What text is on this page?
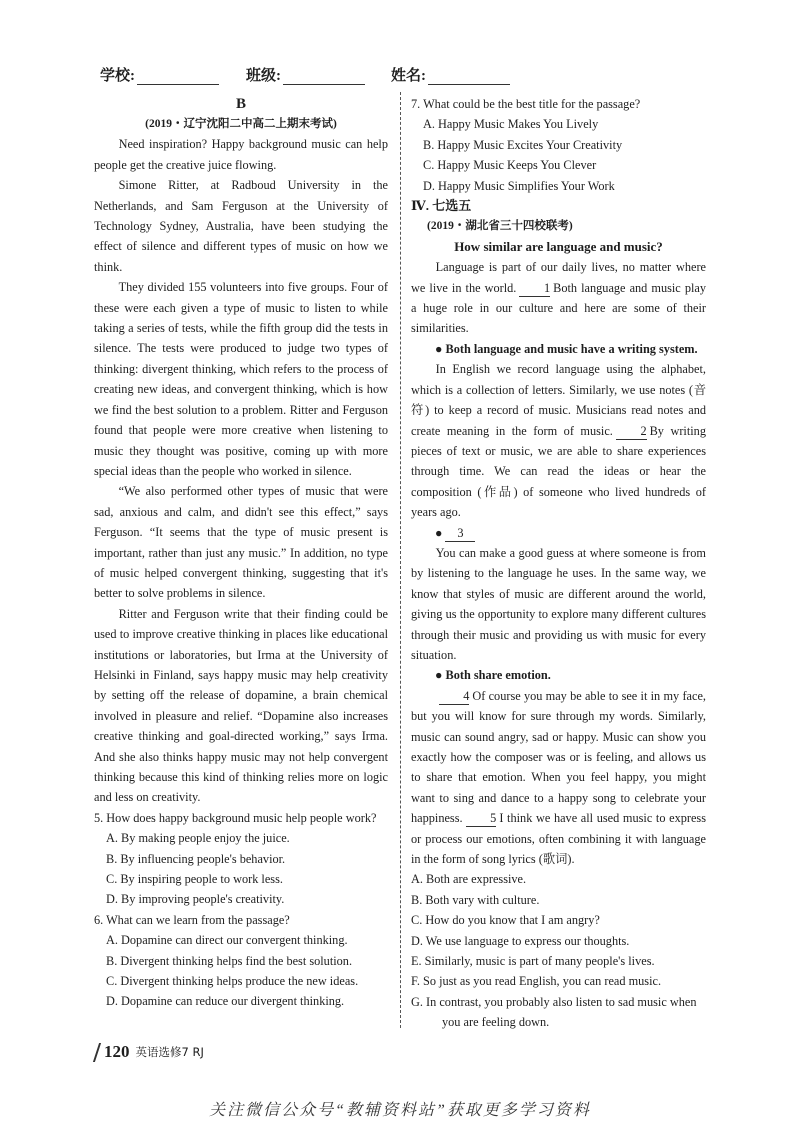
学校:	班级:	姓名:

B

(2019・辽宁沈阳二中高二上期末考试)

Need inspiration? Happy background music can help people get the creative juice flowing.

Simone Ritter, at Radboud University in the Netherlands, and Sam Ferguson at the University of Technology Sydney, Australia, have been studying the effect of silence and different types of music on how we think.

They divided 155 volunteers into five groups. Four of these were each given a type of music to listen to while taking a series of tests, while the fifth group did the tests in silence. The tests were produced to judge two types of thinking: divergent thinking, which refers to the process of creating new ideas, and convergent thinking, which is how we find the best solution to a problem. Ritter and Ferguson found that people were more creative when listening to music they thought was positive, coming up with more special ideas than the people who worked in silence.

“We also performed other types of music that were sad, anxious and calm, and didn't see this effect,” says Ferguson. “It seems that the type of music present is important, rather than just any music.” In addition, no type of music helped convergent thinking, suggesting that it's better to solve problems in silence.

Ritter and Ferguson write that their finding could be used to improve creative thinking in places like educational institutions or laboratories, but Irma at the University of Helsinki in Finland, says happy music may help creativity by setting off the release of dopamine, a brain chemical involved in pleasure and relief. “Dopamine also increases creative thinking and goal-directed working,” says Irma. And she also thinks happy music may not help convergent thinking because this kind of thinking relies more on logic and less on creativity.

5. How does happy background music help people work?

A. By making people enjoy the juice.

B. By influencing people's behavior.

C. By inspiring people to work less.

D. By improving people's creativity.

6. What can we learn from the passage?

A. Dopamine can direct our convergent thinking.

B. Divergent thinking helps find the best solution.

C. Divergent thinking helps produce the new ideas.

D. Dopamine can reduce our divergent thinking.

7. What could be the best title for the passage?

A. Happy Music Makes You Lively

B. Happy Music Excites Your Creativity

C. Happy Music Keeps You Clever

D. Happy Music Simplifies Your Work

Ⅳ. 七选五

(2019・湖北省三十四校联考)

How similar are language and music?

Language is part of our daily lives, no matter where we live in the world. 1 Both language and music play a huge role in our culture and here are some of their similarities.

● Both language and music have a writing system.

In English we record language using the alphabet, which is a collection of letters. Similarly, we use notes (音符) to keep a record of music. Musicians read notes and create meaning in the form of music. 2 By writing pieces of text or music, we are able to share experiences through time. We can read the ideas or hear the composition (作品) of someone who lived hundreds of years ago.

● 3

You can make a good guess at where someone is from by listening to the language he uses. In the same way, we know that styles of music are different around the world, giving us the opportunity to explore many different cultures through their music and providing us with music for every situation.

● Both share emotion.

4 Of course you may be able to see it in my face, but you will know for sure through my words. Similarly, music can sound angry, sad or happy. Music can show you exactly how the composer was or is feeling, and allows us to share that emotion. When you feel happy, you might want to sing and dance to a happy song to celebrate your happiness. 5 I think we have all used music to express or process our emotions, often combining it with language in the form of song lyrics (歌词).

A. Both are expressive.

B. Both vary with culture.

C. How do you know that I am angry?

D. We use language to express our thoughts.

E. Similarly, music is part of many people's lives.

F. So just as you read English, you can read music.

G. In contrast, you probably also listen to sad music when you are feeling down.

120 英语选修7 RJ
关注微信公众号“教辅资料站”获取更多学习资料
